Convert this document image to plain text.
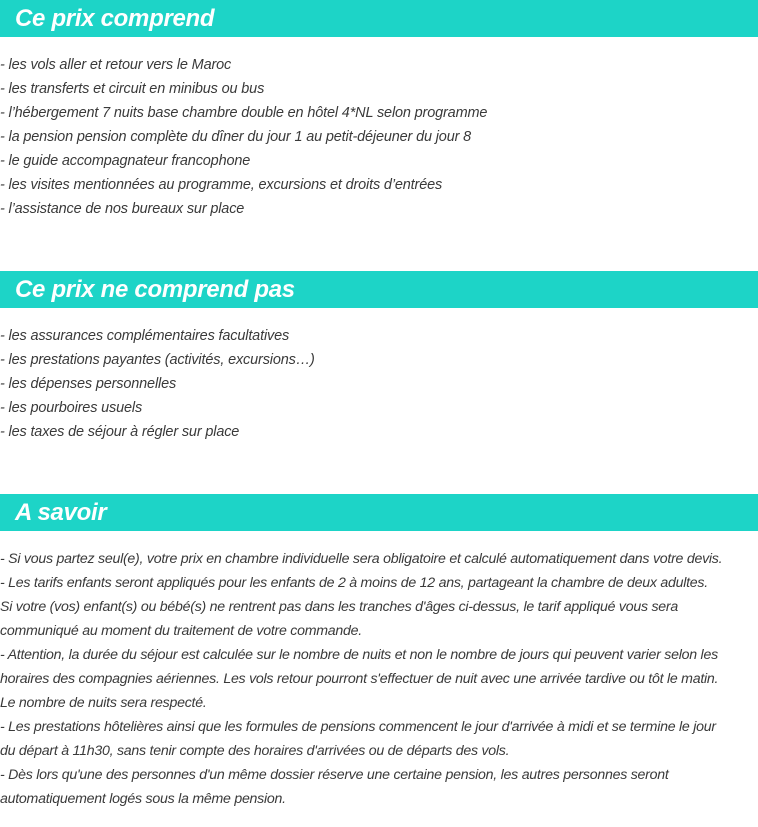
Ce prix comprend
- les vols aller et retour vers le Maroc
- les transferts et circuit en minibus ou bus
- l’hébergement 7 nuits base chambre double en hôtel 4*NL selon programme
- la pension pension complète du dîner du jour 1 au petit-déjeuner du jour 8
- le guide accompagnateur francophone
- les visites mentionnées au programme, excursions et droits d’entrées
- l’assistance de nos bureaux sur place
Ce prix ne comprend pas
- les assurances complémentaires facultatives
- les prestations payantes (activités, excursions…)
- les dépenses personnelles
- les pourboires usuels
- les taxes de séjour à régler sur place
A savoir
- Si vous partez seul(e), votre prix en chambre individuelle sera obligatoire et calculé automatiquement dans votre devis.
- Les tarifs enfants seront appliqués pour les enfants de 2 à moins de 12 ans, partageant la chambre de deux adultes.
Si votre (vos) enfant(s) ou bébé(s) ne rentrent pas dans les tranches d'âges ci-dessus, le tarif appliqué vous sera
communiqué au moment du traitement de votre commande.
- Attention, la durée du séjour est calculée sur le nombre de nuits et non le nombre de jours qui peuvent varier selon les
horaires des compagnies aériennes. Les vols retour pourront s'effectuer de nuit avec une arrivée tardive ou tôt le matin.
Le nombre de nuits sera respecté.
- Les prestations hôtelières ainsi que les formules de pensions commencent le jour d'arrivée à midi et se termine le jour
du départ à 11h30, sans tenir compte des horaires d'arrivées ou de départs des vols.
- Dès lors qu'une des personnes d'un même dossier réserve une certaine pension, les autres personnes seront
automatiquement logés sous la même pension.
